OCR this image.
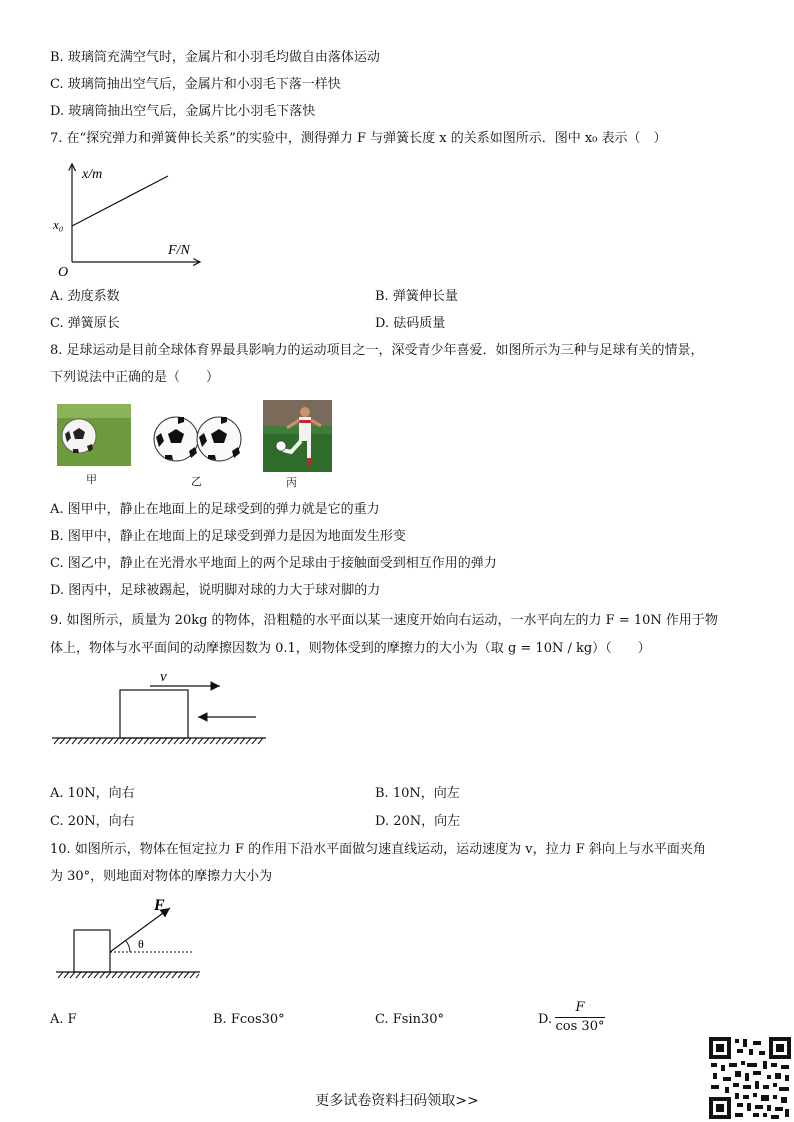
B. 玻璃筒充满空气时，金属片和小羽毛均做自由落体运动
C. 玻璃筒抽出空气后，金属片和小羽毛下落一样快
D. 玻璃筒抽出空气后，金属片比小羽毛下落快
7. 在“探究弹力和弹簧伸长关系”的实验中，测得弹力 F 与弹簧长度 x 的关系如图所示．图中 x₀ 表示（　）
x/m
F/N
x₀
O
A. 劲度系数	B. 弹簧伸长量
C. 弹簧原长	D. 砝码质量
8. 足球运动是目前全球体育界最具影响力的运动项目之一，深受青少年喜爱．如图所示为三种与足球有关的情景，
下列说法中正确的是（　　）
甲	乙	丙
A. 图甲中，静止在地面上的足球受到的弹力就是它的重力
B. 图甲中，静止在地面上的足球受到弹力是因为地面发生形变
C. 图乙中，静止在光滑水平地面上的两个足球由于接触面受到相互作用的弹力
D. 图丙中，足球被踢起，说明脚对球的力大于球对脚的力
9. 如图所示，质量为 20kg 的物体，沿粗糙的水平面以某一速度开始向右运动，一水平向左的力 F = 10N 作用于物
体上，物体与水平面间的动摩擦因数为 0.1，则物体受到的摩擦力的大小为（取 g = 10N / kg）（　　）
v
A. 10N，向右	B. 10N，向左
C. 20N，向右	D. 20N，向左
10. 如图所示，物体在恒定拉力 F 的作用下沿水平面做匀速直线运动，运动速度为 v，拉力 F 斜向上与水平面夹角
为 30°，则地面对物体的摩擦力大小为
F
θ
A. F	B. Fcos30°	C. Fsin30°	D. $\frac{F}{\cos 30^\circ}$
更多试卷资料扫码领取>>
